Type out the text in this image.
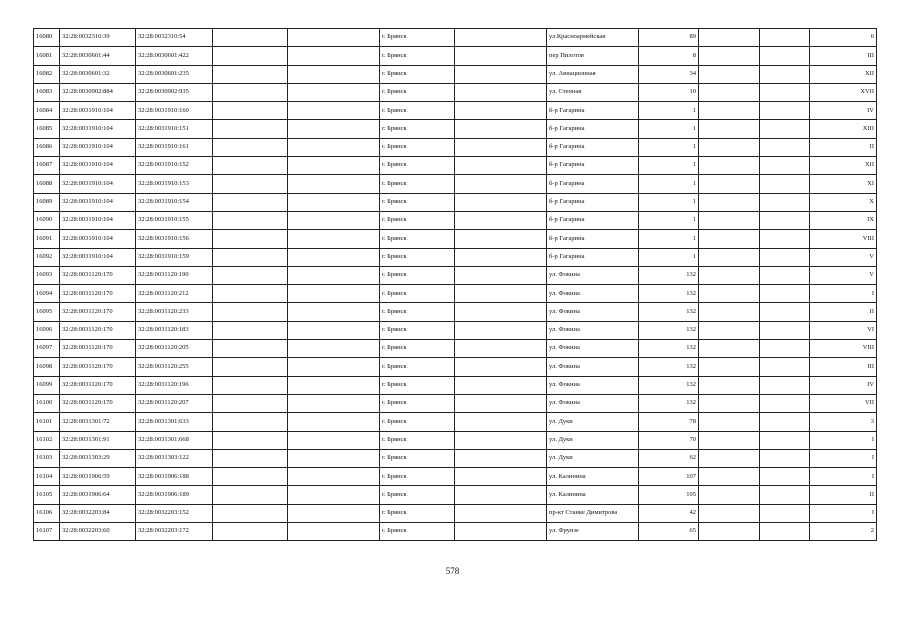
16080	32:28:0032310:39	32:28:0032310:54			г. Брянск		ул.Красноармейская	89			6
16081	32:28:0030601:44	32:28:0030601:422			г. Брянск		пер Пилотов	8			III
16082	32:28:0030601:32	32:28:0030601:235			г. Брянск		ул. Авиационная	34			XII
16083	32:28:0030902:884	32:28:0030902:935			г. Брянск		ул. Степная	10			XVII
16084	32:28:0031910:104	32:28:0031910:160			г. Брянск		б-р Гагарина	1			IV
16085	32:28:0031910:104	32:28:0031910:151			г. Брянск		б-р Гагарина	1			XIII
16086	32:28:0031910:104	32:28:0031910:161			г. Брянск		б-р Гагарина	1			II
16087	32:28:0031910:104	32:28:0031910:152			г. Брянск		б-р Гагарина	1			XII
16088	32:28:0031910:104	32:28:0031910:153			г. Брянск		б-р Гагарина	1			XI
16089	32:28:0031910:104	32:28:0031910:154			г. Брянск		б-р Гагарина	1			X
16090	32:28:0031910:104	32:28:0031910:155			г. Брянск		б-р Гагарина	1			IX
16091	32:28:0031910:104	32:28:0031910:156			г. Брянск		б-р Гагарина	1			VIII
16092	32:28:0031910:104	32:28:0031910:159			г. Брянск		б-р Гагарина	1			V
16093	32:28:0031120:170	32:28:0031120:190			г. Брянск		ул. Фокина	132			V
16094	32:28:0031120:170	32:28:0031120:212			г. Брянск		ул. Фокина	132			I
16095	32:28:0031120:170	32:28:0031120:233			г. Брянск		ул. Фокина	132			II
16096	32:28:0031120:170	32:28:0031120:183			г. Брянск		ул. Фокина	132			VI
16097	32:28:0031120:170	32:28:0031120:205			г. Брянск		ул. Фокина	132			VIII
16098	32:28:0031120:170	32:28:0031120:255			г. Брянск		ул. Фокина	132			III
16099	32:28:0031120:170	32:28:0031120:196			г. Брянск		ул. Фокина	132			IV
16100	32:28:0031120:170	32:28:0031120:207			г. Брянск		ул. Фокина	132			VII
16101	32:28:0031301:72	32:28:0031301:633			г. Брянск		ул. Дуки	78			3
16102	32:28:0031301:91	32:28:0031301:668			г. Брянск		ул. Дуки	70			I
16103	32:28:0031303:29	32:28:0031303:122			г. Брянск		ул. Дуки	62			I
16104	32:28:0031906:59	32:28:0031906:188			г. Брянск		ул. Калинина	107			I
16105	32:28:0031906:64	32:28:0031906:189			г. Брянск		ул. Калинина	105			II
16106	32:28:0032203:84	32:28:0032203:152			г. Брянск		пр-кт Станке Димитрова	42			I
16107	32:28:0032203:60	32:28:0032203:172			г. Брянск		ул. Фрунзе	65			2
578
